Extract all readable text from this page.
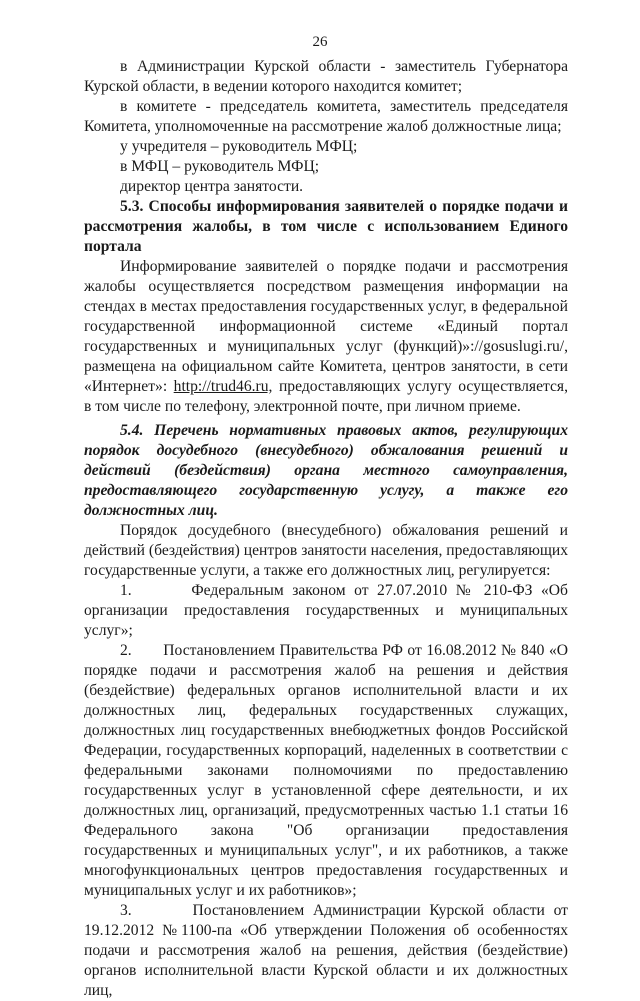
26

в Администрации Курской области - заместитель Губернатора Курской области, в ведении которого находится комитет;

в комитете - председатель комитета, заместитель председателя Комитета, уполномоченные на рассмотрение жалоб должностные лица;

у учредителя – руководитель МФЦ;

в МФЦ – руководитель МФЦ;

директор центра занятости.

5.3. Способы информирования заявителей о порядке подачи и рассмотрения жалобы, в том числе с использованием Единого портала

Информирование заявителей о порядке подачи и рассмотрения жалобы осуществляется посредством размещения информации на стендах в местах предоставления государственных услуг, в федеральной государственной информационной системе «Единый портал государственных и муниципальных услуг (функций)»://gosuslugi.ru/, размещена на официальном сайте Комитета, центров занятости, в сети «Интернет»: http://trud46.ru, предоставляющих услугу осуществляется, в том числе по телефону, электронной почте, при личном приеме.

5.4. Перечень нормативных правовых актов, регулирующих порядок досудебного (внесудебного) обжалования решений и действий (бездействия) органа местного самоуправления, предоставляющего государственную услугу, а также его должностных лиц.

Порядок досудебного (внесудебного) обжалования решений и действий (бездействия) центров занятости населения, предоставляющих государственные услуги, а также его должностных лиц, регулируется:

1.       Федеральным законом от 27.07.2010 № 210-ФЗ «Об организации предоставления государственных и муниципальных услуг»;

2.       Постановлением Правительства РФ от 16.08.2012 № 840 «О порядке подачи и рассмотрения жалоб на решения и действия (бездействие) федеральных органов исполнительной власти и их должностных лиц, федеральных государственных служащих, должностных лиц государственных внебюджетных фондов Российской Федерации, государственных корпораций, наделенных в соответствии с федеральными законами полномочиями по предоставлению государственных услуг в установленной сфере деятельности, и их должностных лиц, организаций, предусмотренных частью 1.1 статьи 16 Федерального закона "Об организации предоставления государственных и муниципальных услуг", и их работников, а также многофункциональных центров предоставления государственных и муниципальных услуг и их работников»;

3.       Постановлением Администрации Курской области от 19.12.2012 №1100-па «Об утверждении Положения об особенностях подачи и рассмотрения жалоб на решения, действия (бездействие) органов исполнительной власти Курской области и их должностных лиц,
